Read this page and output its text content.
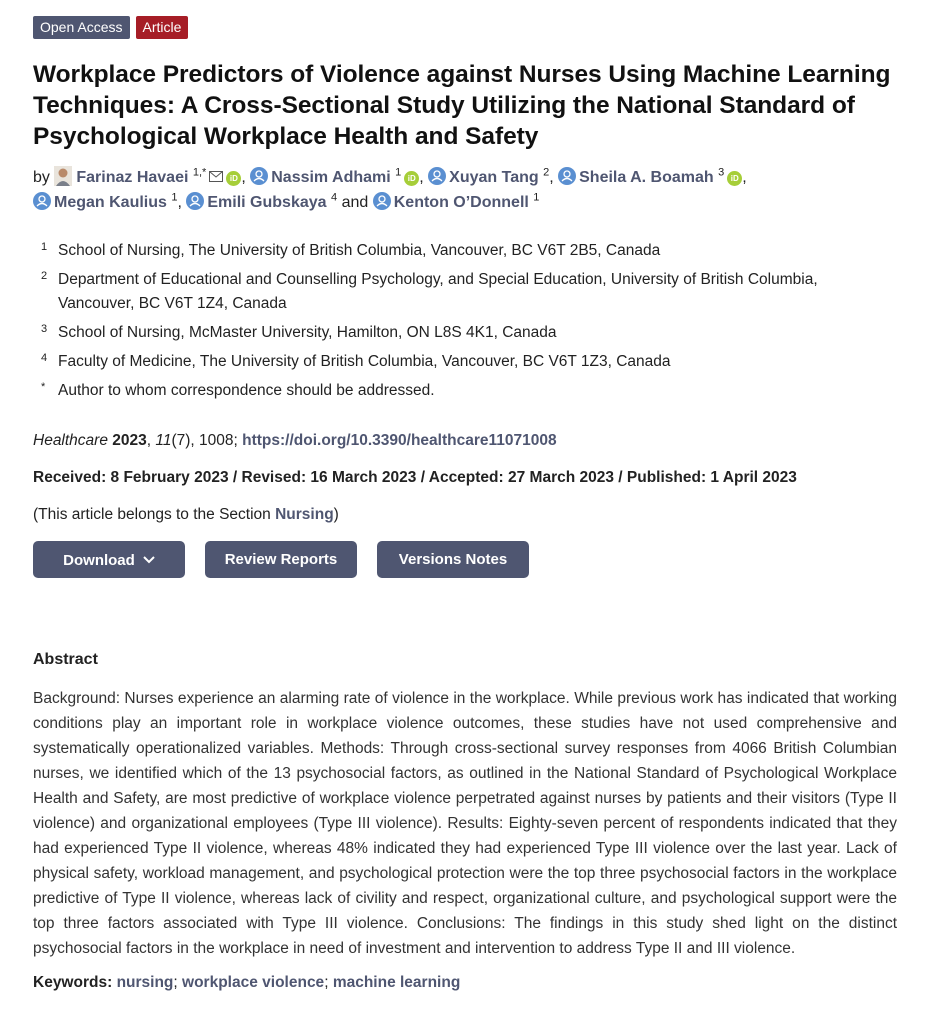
Open Access	Article
Workplace Predictors of Violence against Nurses Using Machine Learning Techniques: A Cross-Sectional Study Utilizing the National Standard of Psychological Workplace Health and Safety
by Farinaz Havaei $^{1,*}$	iD ,
Nassim Adhami $^1$ iD ,
Xuyan Tang $^2$,
Sheila A. Boamah $^3$ iD ,

Megan Kaulius $^1$,
Emili Gubskaya $^4$ and Kenton O’Donnell $^1$
1 School of Nursing, The University of British Columbia, Vancouver, BC V6T 2B5, Canada
2 Department of Educational and Counselling Psychology, and Special Education, University of British Columbia, Vancouver, BC V6T 1Z4, Canada
3 School of Nursing, McMaster University, Hamilton, ON L8S 4K1, Canada
4 Faculty of Medicine, The University of British Columbia, Vancouver, BC V6T 1Z3, Canada
* Author to whom correspondence should be addressed.
Healthcare 2023, 11(7), 1008; https://doi.org/10.3390/healthcare11071008
Received: 8 February 2023 / Revised: 16 March 2023 / Accepted: 27 March 2023 / Published: 1 April 2023
(This article belongs to the Section Nursing)
Download	Review Reports	Versions Notes
Abstract
Background: Nurses experience an alarming rate of violence in the workplace. While previous work has indicated that working conditions play an important role in workplace violence outcomes, these studies have not used comprehensive and systematically operationalized variables. Methods: Through cross-sectional survey responses from 4066 British Columbian nurses, we identified which of the 13 psychosocial factors, as outlined in the National Standard of Psychological Workplace Health and Safety, are most predictive of workplace violence perpetrated against nurses by patients and their visitors (Type II violence) and organizational employees (Type III violence). Results: Eighty-seven percent of respondents indicated that they had experienced Type II violence, whereas 48% indicated they had experienced Type III violence over the last year. Lack of physical safety, workload management, and psychological protection were the top three psychosocial factors in the workplace predictive of Type II violence, whereas lack of civility and respect, organizational culture, and psychological support were the top three factors associated with Type III violence. Conclusions: The findings in this study shed light on the distinct psychosocial factors in the workplace in need of investment and intervention to address Type II and III violence.
Keywords: nursing; workplace violence; machine learning
